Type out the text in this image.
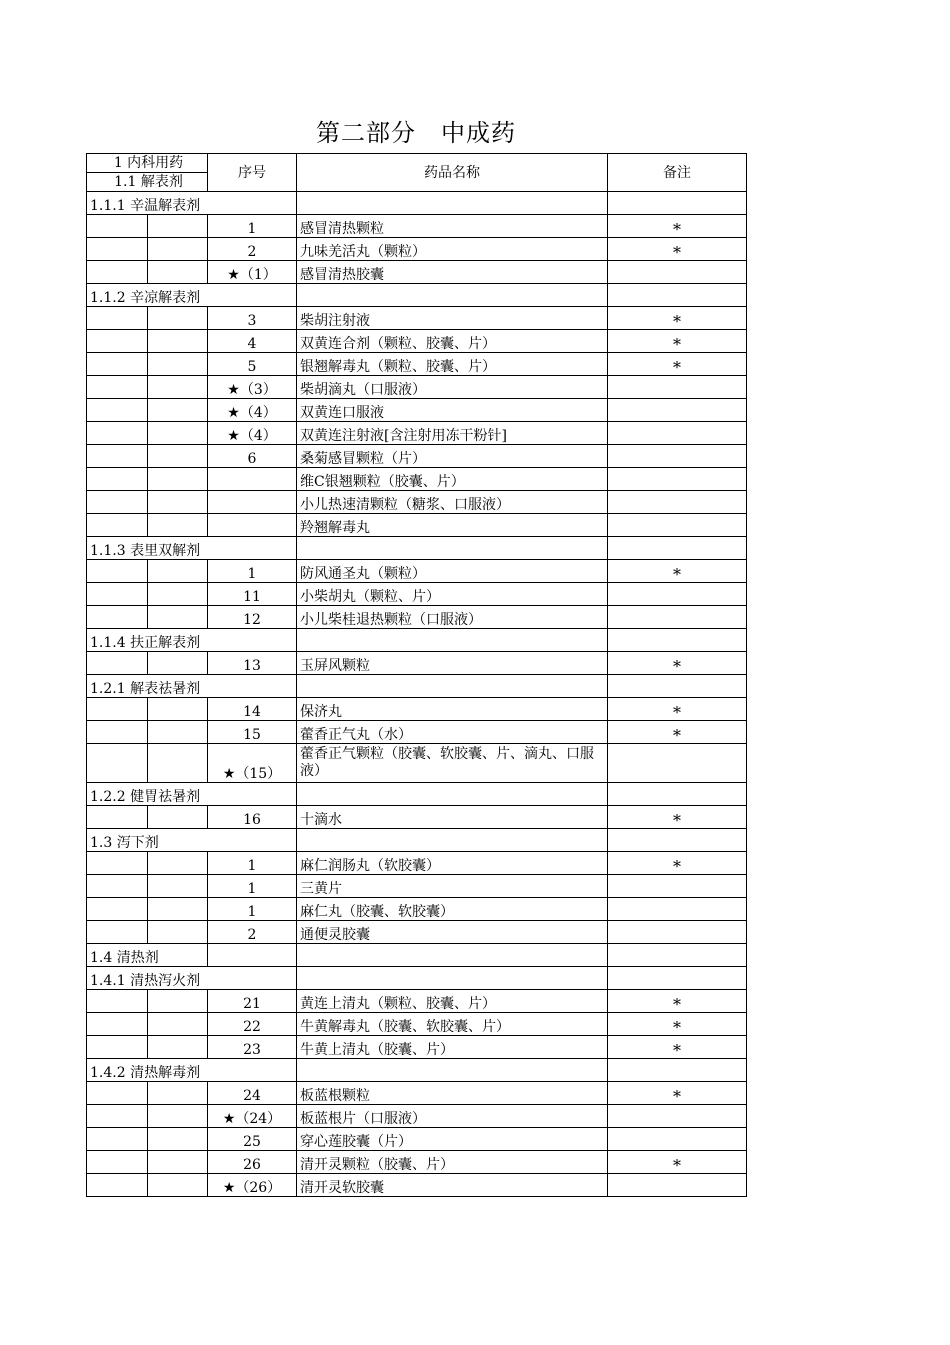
第二部分　中成药
1 内科用药
1.1 解表剂		序号	药品名称	备注
1.1.1 辛温解表剂				
		1	感冒清热颗粒	*
		2	九味羌活丸（颗粒）	*
		★（1）	感冒清热胶囊	
1.1.2 辛凉解表剂				
		3	柴胡注射液	*
		4	双黄连合剂（颗粒、胶囊、片）	*
		5	银翘解毒丸（颗粒、胶囊、片）	*
		★（3）	柴胡滴丸（口服液）	
		★（4）	双黄连口服液	
		★（4）	双黄连注射液[含注射用冻干粉针]	
		6	桑菊感冒颗粒（片）	
			维C银翘颗粒（胶囊、片）	
			小儿热速清颗粒（糖浆、口服液）	
			羚翘解毒丸	
1.1.3 表里双解剂				
		1	防风通圣丸（颗粒）	*
		11	小柴胡丸（颗粒、片）	
		12	小儿柴桂退热颗粒（口服液）	
1.1.4 扶正解表剂				
		13	玉屏风颗粒	*
1.2.1 解表祛暑剂				
		14	保济丸	*
		15	藿香正气丸（水）	*
		★（15）	藿香正气颗粒（胶囊、软胶囊、片、滴丸、口服液）	
1.2.2 健胃祛暑剂				
		16	十滴水	*
1.3 泻下剂				
		1	麻仁润肠丸（软胶囊）	*
		1	三黄片	
		1	麻仁丸（胶囊、软胶囊）	
		2	通便灵胶囊	
1.4 清热剂				
1.4.1 清热泻火剂				
		21	黄连上清丸（颗粒、胶囊、片）	*
		22	牛黄解毒丸（胶囊、软胶囊、片）	*
		23	牛黄上清丸（胶囊、片）	*
1.4.2 清热解毒剂				
		24	板蓝根颗粒	*
		★（24）	板蓝根片（口服液）	
		25	穿心莲胶囊（片）	
		26	清开灵颗粒（胶囊、片）	*
		★（26）	清开灵软胶囊	
